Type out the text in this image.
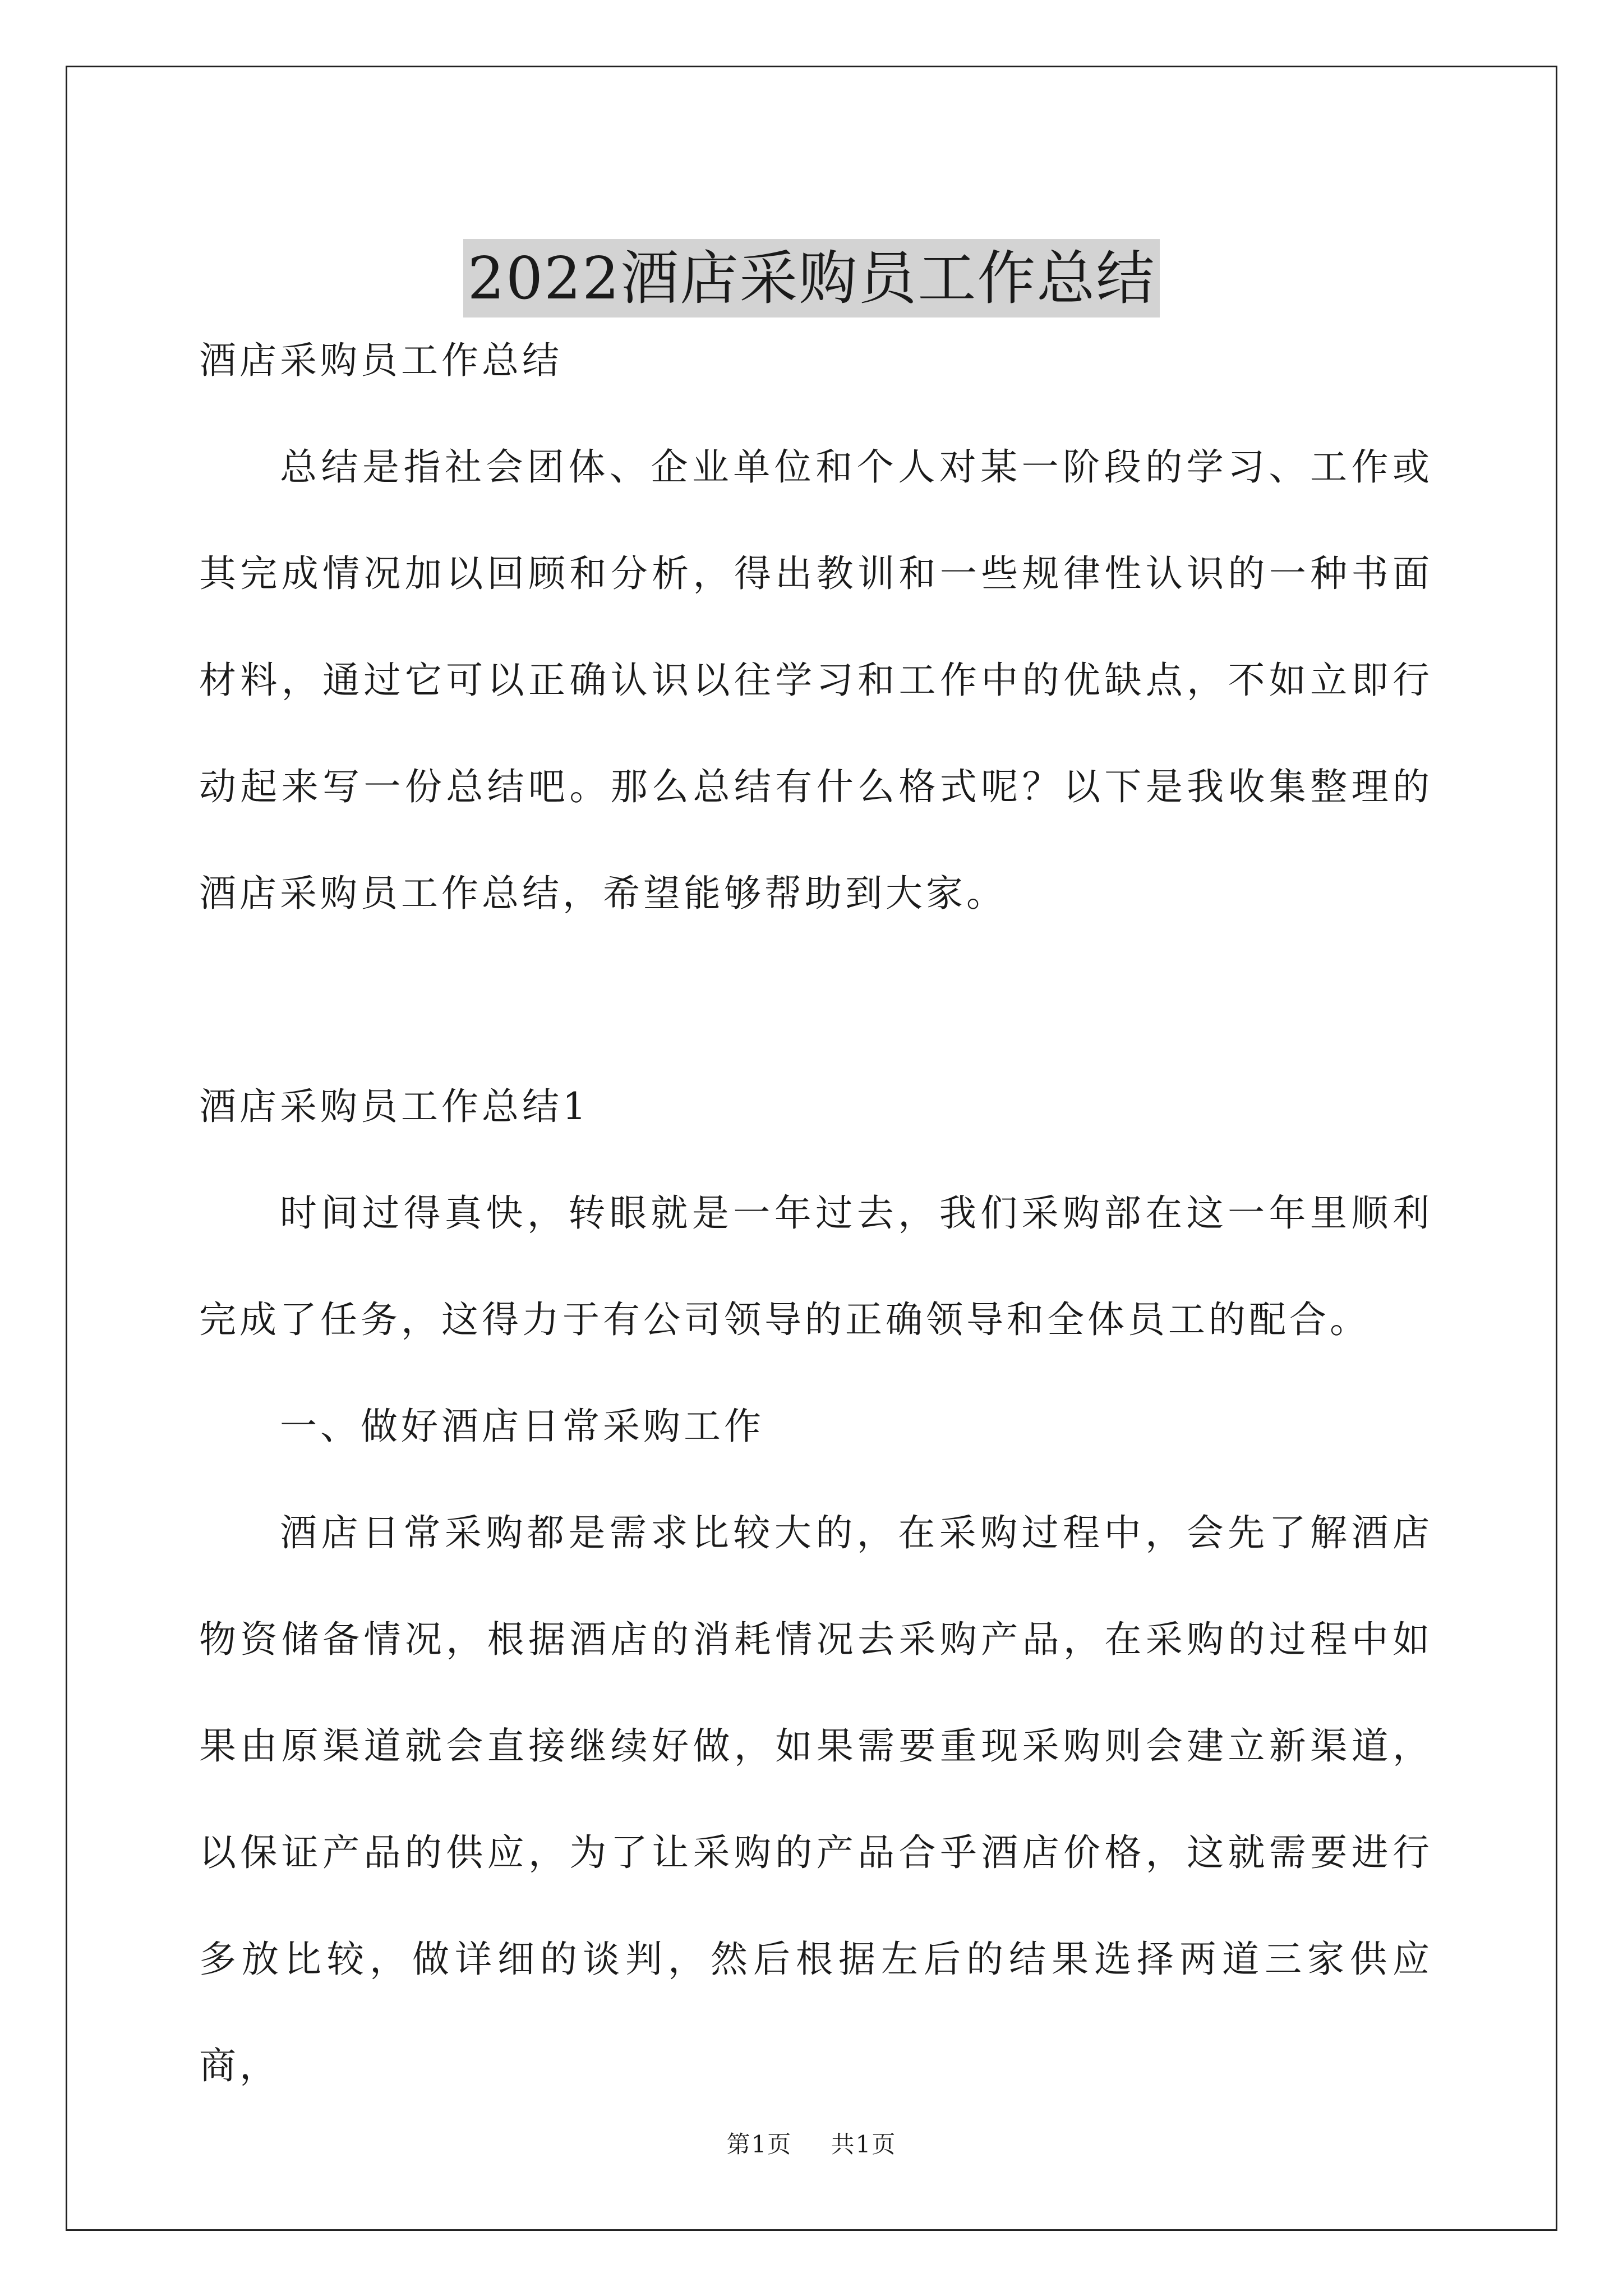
2022酒店采购员工作总结

酒店采购员工作总结

总结是指社会团体、企业单位和个人对某一阶段的学习、工作或其完成情况加以回顾和分析，得出教训和一些规律性认识的一种书面材料，通过它可以正确认识以往学习和工作中的优缺点，不如立即行动起来写一份总结吧。那么总结有什么格式呢？以下是我收集整理的酒店采购员工作总结，希望能够帮助到大家。

酒店采购员工作总结1

时间过得真快，转眼就是一年过去，我们采购部在这一年里顺利完成了任务，这得力于有公司领导的正确领导和全体员工的配合。

一、做好酒店日常采购工作

酒店日常采购都是需求比较大的，在采购过程中，会先了解酒店物资储备情况，根据酒店的消耗情况去采购产品，在采购的过程中如果由原渠道就会直接继续好做，如果需要重现采购则会建立新渠道，以保证产品的供应，为了让采购的产品合乎酒店价格，这就需要进行多放比较，做详细的谈判，然后根据左后的结果选择两道三家供应商，

第1页 共1页
